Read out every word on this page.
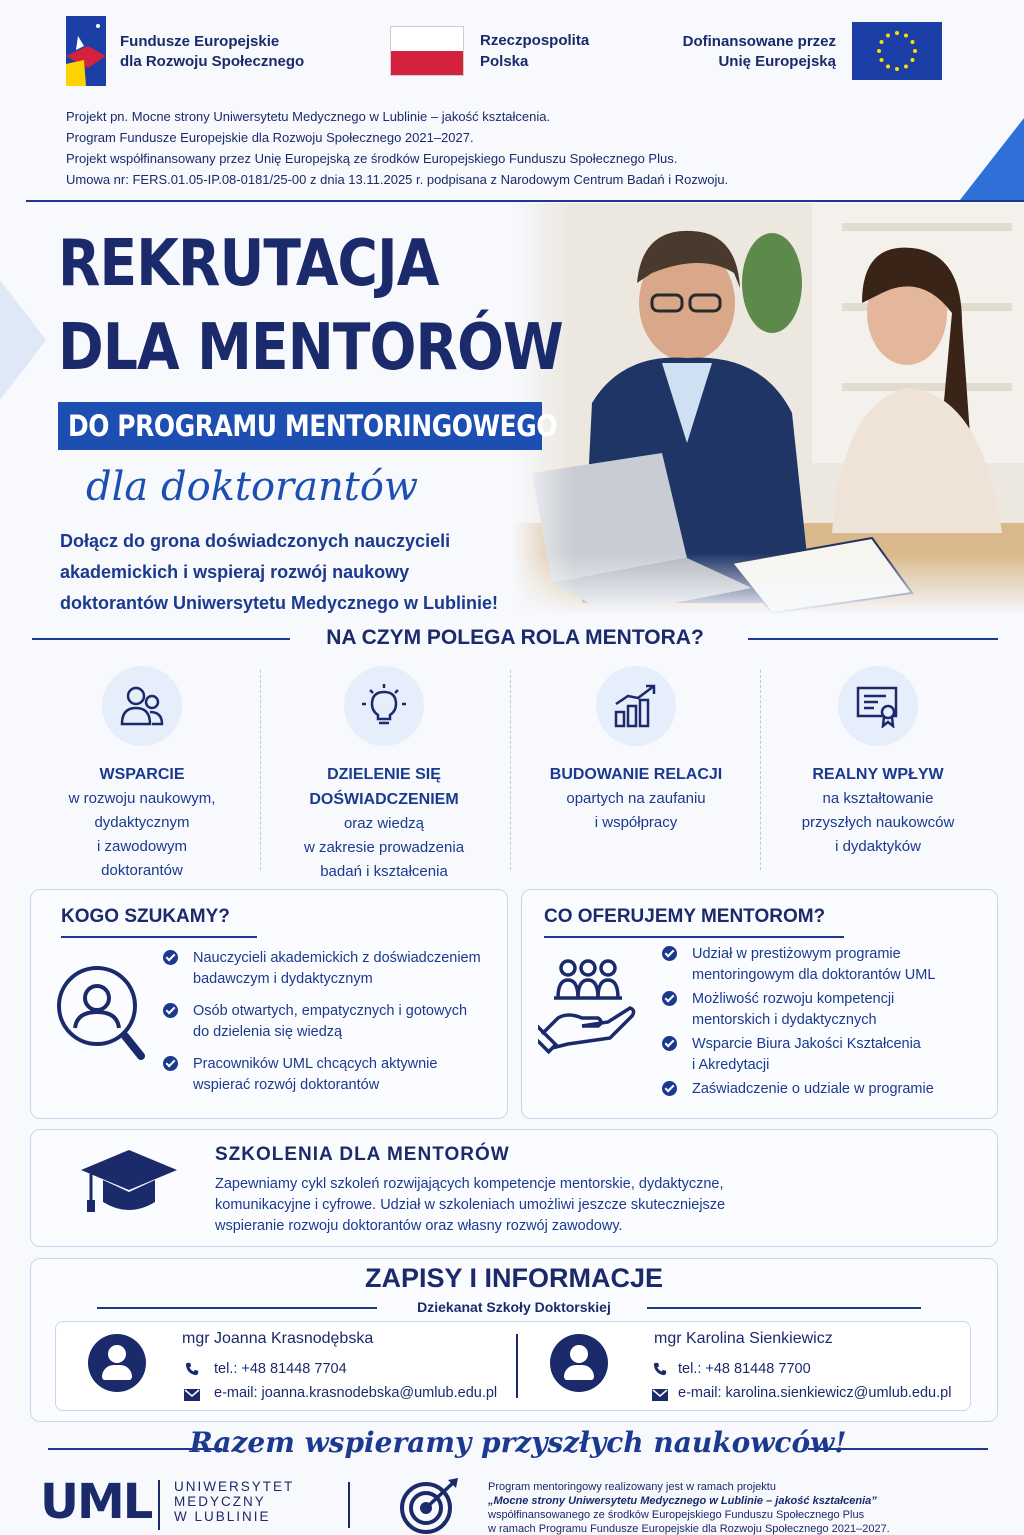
Fundusze Europejskie
dla Rozwoju Społecznego
Rzeczpospolita
Polska
Dofinansowane przez
Unię Europejską
Projekt pn. Mocne strony Uniwersytetu Medycznego w Lublinie – jakość kształcenia.
Program Fundusze Europejskie dla Rozwoju Społecznego 2021–2027.
Projekt współfinansowany przez Unię Europejską ze środków Europejskiego Funduszu Społecznego Plus.
Umowa nr: FERS.01.05-IP.08-0181/25-00 z dnia 13.11.2025 r. podpisana z Narodowym Centrum Badań i Rozwoju.
REKRUTACJA
DLA MENTORÓW
DO PROGRAMU MENTORINGOWEGO
dla doktorantów
Dołącz do grona doświadczonych nauczycieli
akademickich i wspieraj rozwój naukowy
doktorantów Uniwersytetu Medycznego w Lublinie!
NA CZYM POLEGA ROLA MENTORA?
WSPARCIE
w rozwoju naukowym,
dydaktycznym
i zawodowym
doktorantów
DZIELENIE SIĘ
DOŚWIADCZENIEM
oraz wiedzą
w zakresie prowadzenia
badań i kształcenia
BUDOWANIE RELACJI
opartych na zaufaniu
i współpracy
REALNY WPŁYW
na kształtowanie
przyszłych naukowców
i dydaktyków
KOGO SZUKAMY?
Nauczycieli akademickich z doświadczeniem
badawczym i dydaktycznym
Osób otwartych, empatycznych i gotowych
do dzielenia się wiedzą
Pracowników UML chcących aktywnie
wspierać rozwój doktorantów
CO OFERUJEMY MENTOROM?
Udział w prestiżowym programie
mentoringowym dla doktorantów UML
Możliwość rozwoju kompetencji
mentorskich i dydaktycznych
Wsparcie Biura Jakości Kształcenia
i Akredytacji
Zaświadczenie o udziale w programie
SZKOLENIA DLA MENTORÓW

Zapewniamy cykl szkoleń rozwijających kompetencje mentorskie, dydaktyczne,
komunikacyjne i cyfrowe. Udział w szkoleniach umożliwi jeszcze skuteczniejsze
wspieranie rozwoju doktorantów oraz własny rozwój zawodowy.

ZAPISY I INFORMACJE
Dziekanat Szkoły Doktorskiej
mgr Joanna Krasnodębska
tel.: +48 81448 7704
e-mail: joanna.krasnodebska@umlub.edu.pl
mgr Karolina Sienkiewicz
tel.: +48 81448 7700
e-mail: karolina.sienkiewicz@umlub.edu.pl
Razem wspieramy przyszłych naukowców!
UML UNIWERSYTET
MEDYCZNY
W LUBLINIE
Program mentoringowy realizowany jest w ramach projektu
„Mocne strony Uniwersytetu Medycznego w Lublinie – jakość kształcenia”
współfinansowanego ze środków Europejskiego Funduszu Społecznego Plus
w ramach Programu Fundusze Europejskie dla Rozwoju Społecznego 2021–2027.
